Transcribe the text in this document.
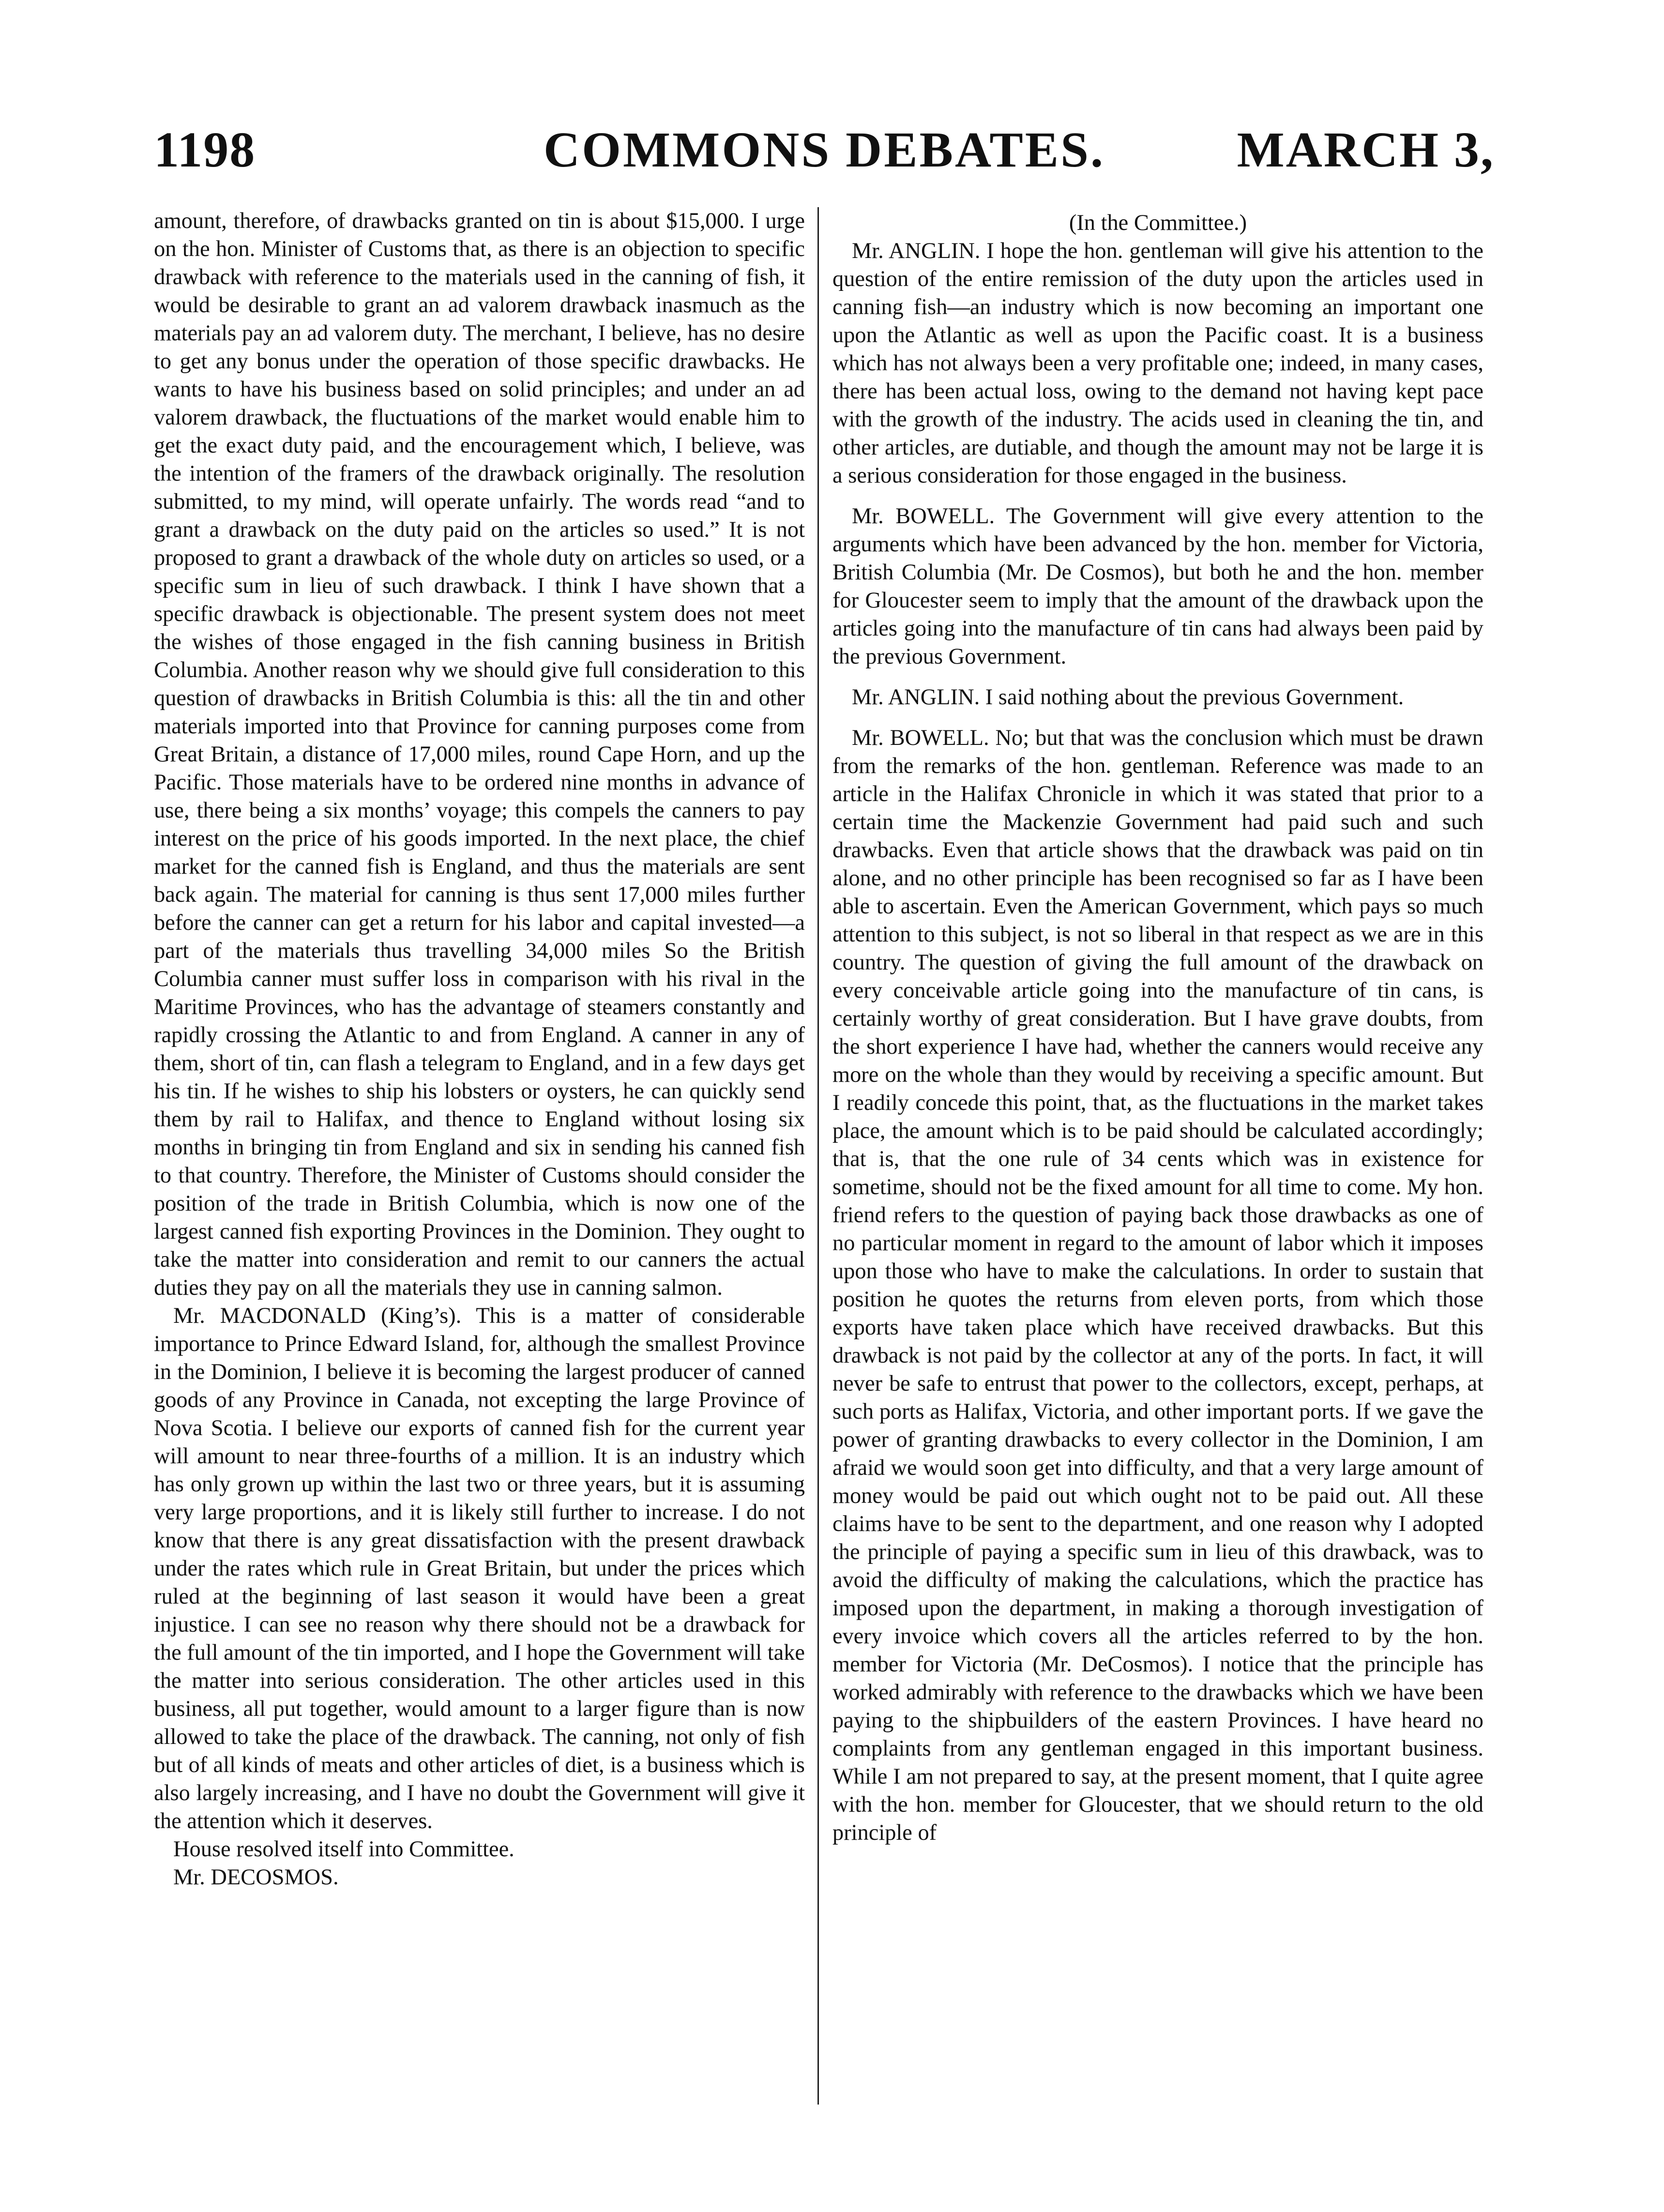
1198	COMMONS DEBATES.	MARCH 3,

amount, therefore, of drawbacks granted on tin is about $15,000. I urge on the hon. Minister of Customs that, as there is an objection to specific drawback with reference to the materials used in the canning of fish, it would be desirable to grant an ad valorem drawback inasmuch as the materials pay an ad valorem duty. The merchant, I believe, has no desire to get any bonus under the operation of those specific drawbacks. He wants to have his business based on solid principles; and under an ad valorem drawback, the fluctuations of the market would enable him to get the exact duty paid, and the encouragement which, I believe, was the intention of the framers of the drawback originally. The resolution submitted, to my mind, will operate unfairly. The words read “and to grant a drawback on the duty paid on the articles so used.” It is not proposed to grant a drawback of the whole duty on articles so used, or a specific sum in lieu of such drawback. I think I have shown that a specific drawback is objectionable. The present system does not meet the wishes of those engaged in the fish canning business in British Columbia. Another reason why we should give full consideration to this question of drawbacks in British Columbia is this: all the tin and other materials imported into that Province for canning purposes come from Great Britain, a distance of 17,000 miles, round Cape Horn, and up the Pacific. Those materials have to be ordered nine months in advance of use, there being a six months’ voyage; this compels the canners to pay interest on the price of his goods imported. In the next place, the chief market for the canned fish is England, and thus the materials are sent back again. The material for canning is thus sent 17,000 miles further before the canner can get a return for his labor and capital invested—a part of the materials thus travelling 34,000 miles So the British Columbia canner must suffer loss in comparison with his rival in the Maritime Provinces, who has the advantage of steamers constantly and rapidly crossing the Atlantic to and from England. A canner in any of them, short of tin, can flash a telegram to England, and in a few days get his tin. If he wishes to ship his lobsters or oysters, he can quickly send them by rail to Halifax, and thence to England without losing six months in bringing tin from England and six in sending his canned fish to that country. Therefore, the Minister of Customs should consider the position of the trade in British Columbia, which is now one of the largest canned fish exporting Provinces in the Dominion. They ought to take the matter into consideration and remit to our canners the actual duties they pay on all the materials they use in canning salmon.

Mr. MACDONALD (King’s). This is a matter of considerable importance to Prince Edward Island, for, although the smallest Province in the Dominion, I believe it is becoming the largest producer of canned goods of any Province in Canada, not excepting the large Province of Nova Scotia. I believe our exports of canned fish for the current year will amount to near three-fourths of a million. It is an industry which has only grown up within the last two or three years, but it is assuming very large proportions, and it is likely still further to increase. I do not know that there is any great dissatisfaction with the present drawback under the rates which rule in Great Britain, but under the prices which ruled at the beginning of last season it would have been a great injustice. I can see no reason why there should not be a drawback for the full amount of the tin imported, and I hope the Government will take the matter into serious consideration. The other articles used in this business, all put together, would amount to a larger figure than is now allowed to take the place of the drawback. The canning, not only of fish but of all kinds of meats and other articles of diet, is a business which is also largely increasing, and I have no doubt the Government will give it the attention which it deserves.

House resolved itself into Committee.

Mr. DECOSMOS.

(In the Committee.)

Mr. ANGLIN. I hope the hon. gentleman will give his attention to the question of the entire remission of the duty upon the articles used in canning fish—an industry which is now becoming an important one upon the Atlantic as well as upon the Pacific coast. It is a business which has not always been a very profitable one; indeed, in many cases, there has been actual loss, owing to the demand not having kept pace with the growth of the industry. The acids used in cleaning the tin, and other articles, are dutiable, and though the amount may not be large it is a serious consideration for those engaged in the business.

Mr. BOWELL. The Government will give every attention to the arguments which have been advanced by the hon. member for Victoria, British Columbia (Mr. De Cosmos), but both he and the hon. member for Gloucester seem to imply that the amount of the drawback upon the articles going into the manufacture of tin cans had always been paid by the previous Government.

Mr. ANGLIN. I said nothing about the previous Government.

Mr. BOWELL. No; but that was the conclusion which must be drawn from the remarks of the hon. gentleman. Reference was made to an article in the Halifax Chronicle in which it was stated that prior to a certain time the Mackenzie Government had paid such and such drawbacks. Even that article shows that the drawback was paid on tin alone, and no other principle has been recognised so far as I have been able to ascertain. Even the American Government, which pays so much attention to this subject, is not so liberal in that respect as we are in this country. The question of giving the full amount of the drawback on every conceivable article going into the manufacture of tin cans, is certainly worthy of great consideration. But I have grave doubts, from the short experience I have had, whether the canners would receive any more on the whole than they would by receiving a specific amount. But I readily concede this point, that, as the fluctuations in the market takes place, the amount which is to be paid should be calculated accordingly; that is, that the one rule of 34 cents which was in existence for sometime, should not be the fixed amount for all time to come. My hon. friend refers to the question of paying back those drawbacks as one of no particular moment in regard to the amount of labor which it imposes upon those who have to make the calculations. In order to sustain that position he quotes the returns from eleven ports, from which those exports have taken place which have received drawbacks. But this drawback is not paid by the collector at any of the ports. In fact, it will never be safe to entrust that power to the collectors, except, perhaps, at such ports as Halifax, Victoria, and other important ports. If we gave the power of granting drawbacks to every collector in the Dominion, I am afraid we would soon get into difficulty, and that a very large amount of money would be paid out which ought not to be paid out. All these claims have to be sent to the department, and one reason why I adopted the principle of paying a specific sum in lieu of this drawback, was to avoid the difficulty of making the calculations, which the practice has imposed upon the department, in making a thorough investigation of every invoice which covers all the articles referred to by the hon. member for Victoria (Mr. DeCosmos). I notice that the principle has worked admirably with reference to the drawbacks which we have been paying to the shipbuilders of the eastern Provinces. I have heard no complaints from any gentleman engaged in this important business. While I am not prepared to say, at the present moment, that I quite agree with the hon. member for Gloucester, that we should return to the old principle of
